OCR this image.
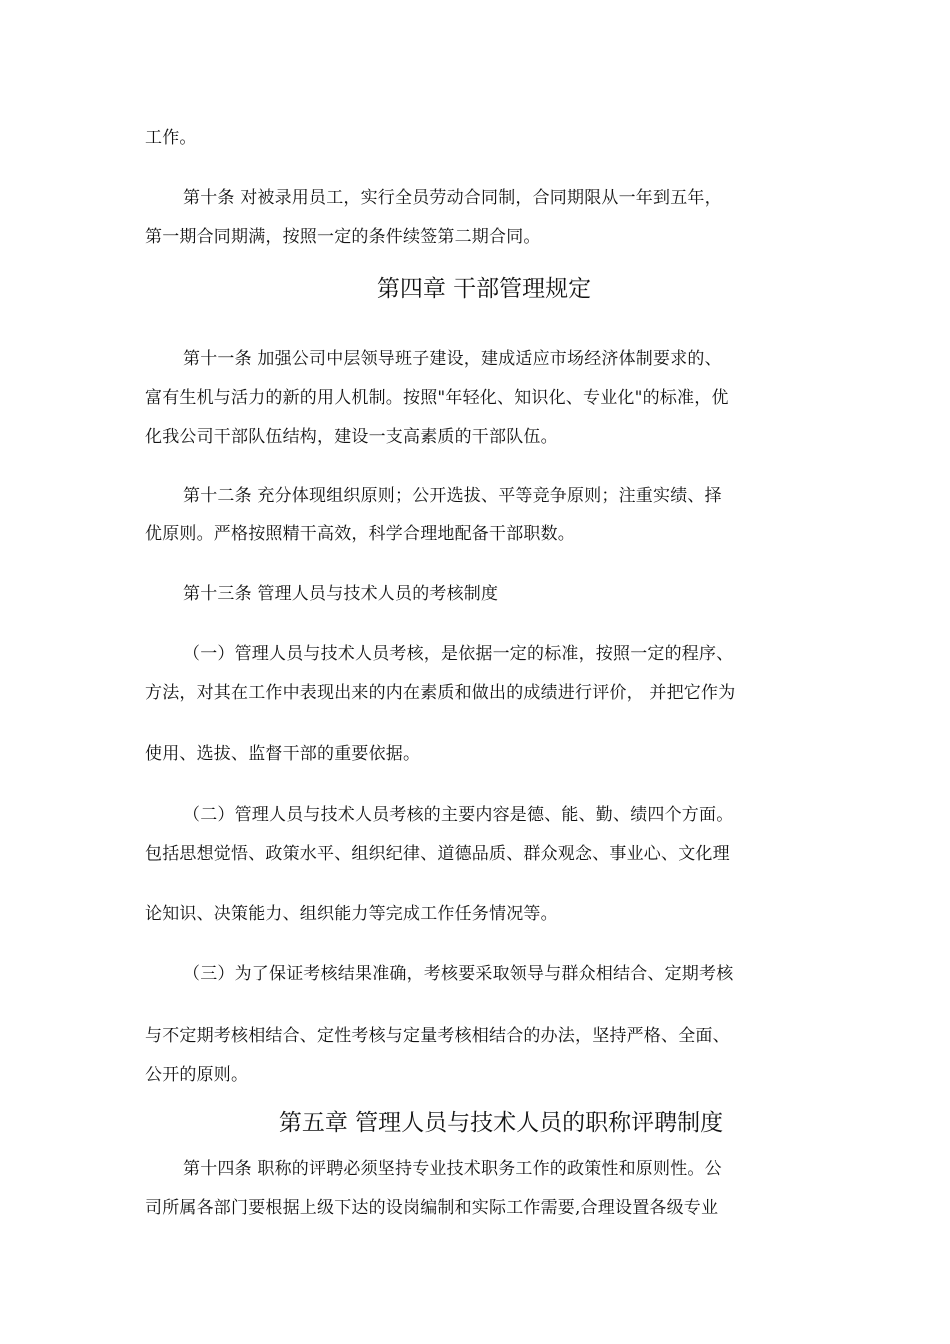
工作。
第十条 对被录用员工，实行全员劳动合同制，合同期限从一年到五年，
第一期合同期满，按照一定的条件续签第二期合同。
第四章 干部管理规定
第十一条 加强公司中层领导班子建设，建成适应市场经济体制要求的、
富有生机与活力的新的用人机制。按照"年轻化、知识化、专业化"的标准，优
化我公司干部队伍结构，建设一支高素质的干部队伍。
第十二条 充分体现组织原则；公开选拔、平等竞争原则；注重实绩、择
优原则。严格按照精干高效，科学合理地配备干部职数。
第十三条 管理人员与技术人员的考核制度
（一）管理人员与技术人员考核，是依据一定的标准，按照一定的程序、
方法，对其在工作中表现出来的内在素质和做出的成绩进行评价， 并把它作为
使用、选拔、监督干部的重要依据。
（二）管理人员与技术人员考核的主要内容是德、能、勤、绩四个方面。
包括思想觉悟、政策水平、组织纪律、道德品质、群众观念、事业心、文化理
论知识、决策能力、组织能力等完成工作任务情况等。
（三）为了保证考核结果准确，考核要采取领导与群众相结合、定期考核
与不定期考核相结合、定性考核与定量考核相结合的办法，坚持严格、全面、
公开的原则。
第五章 管理人员与技术人员的职称评聘制度
第十四条 职称的评聘必须坚持专业技术职务工作的政策性和原则性。公
司所属各部门要根据上级下达的设岗编制和实际工作需要,合理设置各级专业
